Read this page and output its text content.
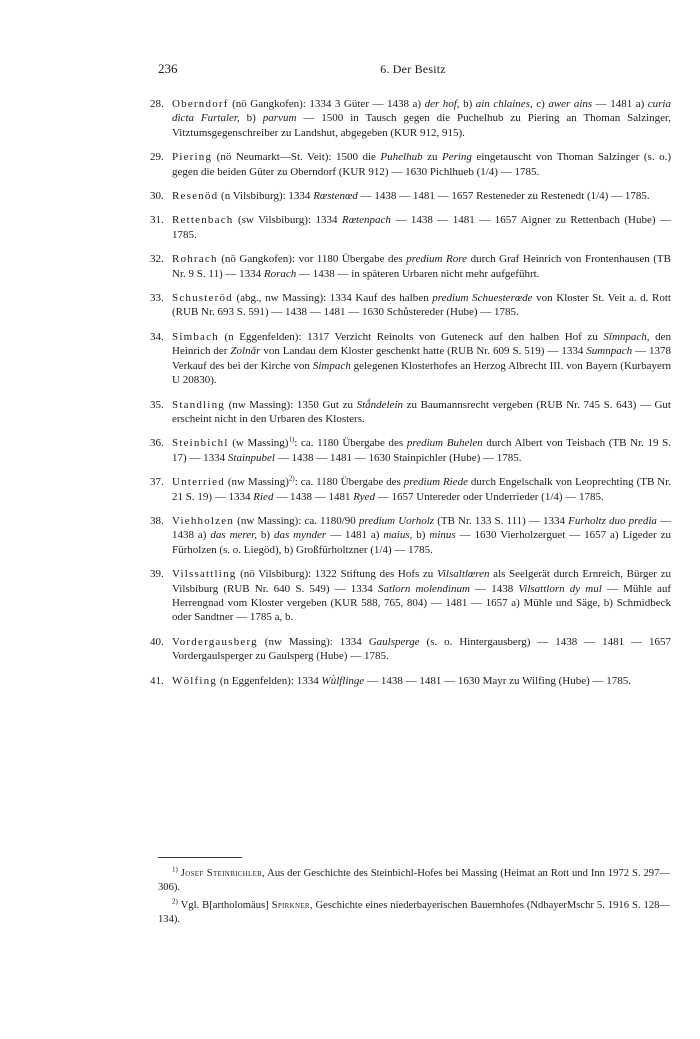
236	6. Der Besitz
28. Oberndorf (nö Gangkofen): 1334 3 Güter — 1438 a) der hof, b) ain chlaines, c) awer ains — 1481 a) curia dicta Furtaler, b) parvum — 1500 in Tausch gegen die Puchelhub zu Piering an Thoman Salzinger, Vitztumsgegenschreiber zu Landshut, abgegeben (KUR 912, 915).
29. Piering (nö Neumarkt—St. Veit): 1500 die Puhelhub zu Pering eingetauscht von Thoman Salzinger (s. o.) gegen die beiden Güter zu Oberndorf (KUR 912) — 1630 Pichlhueb (1/4) — 1785.
30. Resenöd (n Vilsbiburg): 1334 Rœstenœd — 1438 — 1481 — 1657 Resteneder zu Restenedt (1/4) — 1785.
31. Rettenbach (sw Vilsbiburg): 1334 Rœtenpach — 1438 — 1481 — 1657 Aigner zu Rettenbach (Hube) — 1785.
32. Rohrach (nö Gangkofen): vor 1180 Übergabe des predium Rore durch Graf Heinrich von Frontenhausen (TB Nr. 9 S. 11) — 1334 Rorach — 1438 — in späteren Urbaren nicht mehr aufgeführt.
33. Schusteröd (abg., nw Massing): 1334 Kauf des halben predium Schuesterœde von Kloster St. Veit a. d. Rott (RUB Nr. 693 S. 591) — 1438 — 1481 — 1630 Schůstereder (Hube) — 1785.
34. Simbach (n Eggenfelden): 1317 Verzicht Reinolts von Guteneck auf den halben Hof zu Sĭmnpach, den Heinrich der Zolnǎr von Landau dem Kloster geschenkt hatte (RUB Nr. 609 S. 519) — 1334 Sumnpach — 1378 Verkauf des bei der Kirche von Simpach gelegenen Klosterhofes an Herzog Albrecht III. von Bayern (Kurbayern U 20830).
35. Standling (nw Massing): 1350 Gut zu Stǻndelein zu Baumannsrecht vergeben (RUB Nr. 745 S. 643) — Gut erscheint nicht in den Urbaren des Klosters.
36. Steinbichl (w Massing)$^{1)}$: ca. 1180 Übergabe des predium Buhelen durch Albert von Teisbach (TB Nr. 19 S. 17) — 1334 Stainpubel — 1438 — 1481 — 1630 Stainpichler (Hube) — 1785.
37. Unterried (nw Massing)$^{2)}$: ca. 1180 Übergabe des predium Riede durch Engelschalk von Leoprechting (TB Nr. 21 S. 19) — 1334 Ried — 1438 — 1481 Ryed — 1657 Untereder oder Underrieder (1/4) — 1785.
38. Viehholzen (nw Massing): ca. 1180/90 predium Uorholz (TB Nr. 133 S. 111) — 1334 Furholtz duo predia — 1438 a) das merer, b) das mynder — 1481 a) maius, b) minus — 1630 Vierholzerguet — 1657 a) Ligeder zu Fürholzen (s. o. Liegöd), b) Großfürholtzner (1/4) — 1785.
39. Vilssattling (nö Vilsbiburg): 1322 Stiftung des Hofs zu Vilsaltlœren als Seelgerät durch Ernreich, Bürger zu Vilsbiburg (RUB Nr. 640 S. 549) — 1334 Satlorn molendinum — 1438 Vilsattlorn dy mul — Mühle auf Herrengnad vom Kloster vergeben (KUR 588, 765, 804) — 1481 — 1657 a) Mühle und Säge, b) Schmidbeck oder Sandtner — 1785 a, b.
40. Vordergausberg (nw Massing): 1334 Gaulsperge (s. o. Hintergausberg) — 1438 — 1481 — 1657 Vordergaulsperger zu Gaulsperg (Hube) — 1785.
41. Wölfing (n Eggenfelden): 1334 Wǜlflinge — 1438 — 1481 — 1630 Mayr zu Wilfing (Hube) — 1785.
$^{1)}$ Josef Steinbichler, Aus der Geschichte des Steinbichl-Hofes bei Massing (Heimat an Rott und Inn 1972 S. 297—306).
$^{2)}$ Vgl. B[artholomäus] Spirkner, Geschichte eines niederbayerischen Bauernhofes (NdbayerMschr 5. 1916 S. 128—134).
